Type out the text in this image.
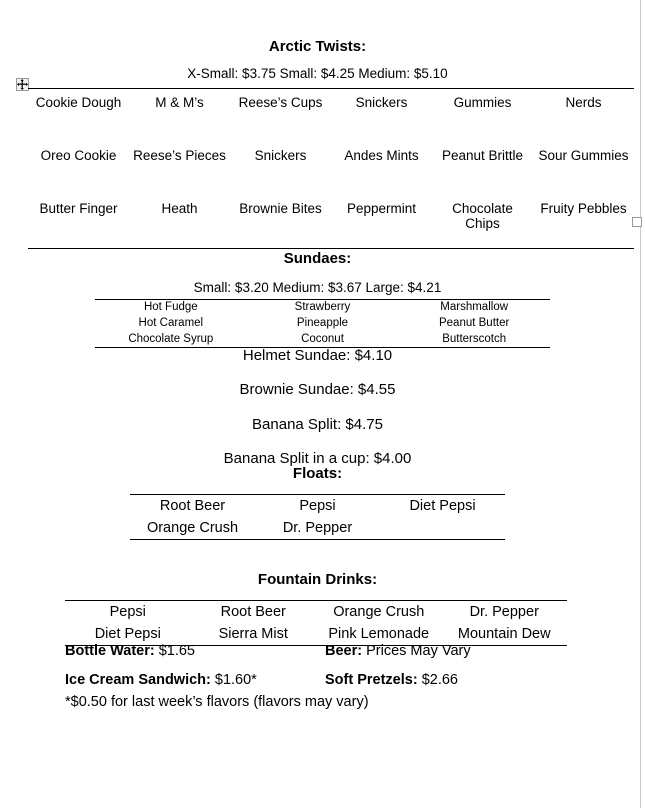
Arctic Twists:
X-Small: $3.75 Small: $4.25 Medium: $5.10
Cookie Dough	M & M’s	Reese’s Cups	Snickers	Gummies	Nerds
Oreo Cookie	Reese’s Pieces	Snickers	Andes Mints	Peanut Brittle	Sour Gummies
Butter Finger	Heath	Brownie Bites	Peppermint	Chocolate Chips	Fruity Pebbles
Sundaes:
Small: $3.20 Medium: $3.67 Large: $4.21
Hot Fudge	Strawberry	Marshmallow
Hot Caramel	Pineapple	Peanut Butter
Chocolate Syrup	Coconut	Butterscotch
Helmet Sundae: $4.10
Brownie Sundae: $4.55
Banana Split: $4.75
Banana Split in a cup: $4.00
Floats:
Root Beer	Pepsi	Diet Pepsi
Orange Crush	Dr. Pepper	
Fountain Drinks:
Pepsi	Root Beer	Orange Crush	Dr. Pepper
Diet Pepsi	Sierra Mist	Pink Lemonade	Mountain Dew
Bottle Water: $1.65	Beer: Prices May Vary
Ice Cream Sandwich: $1.60*	Soft Pretzels: $2.66
*$0.50 for last week’s flavors (flavors may vary)
